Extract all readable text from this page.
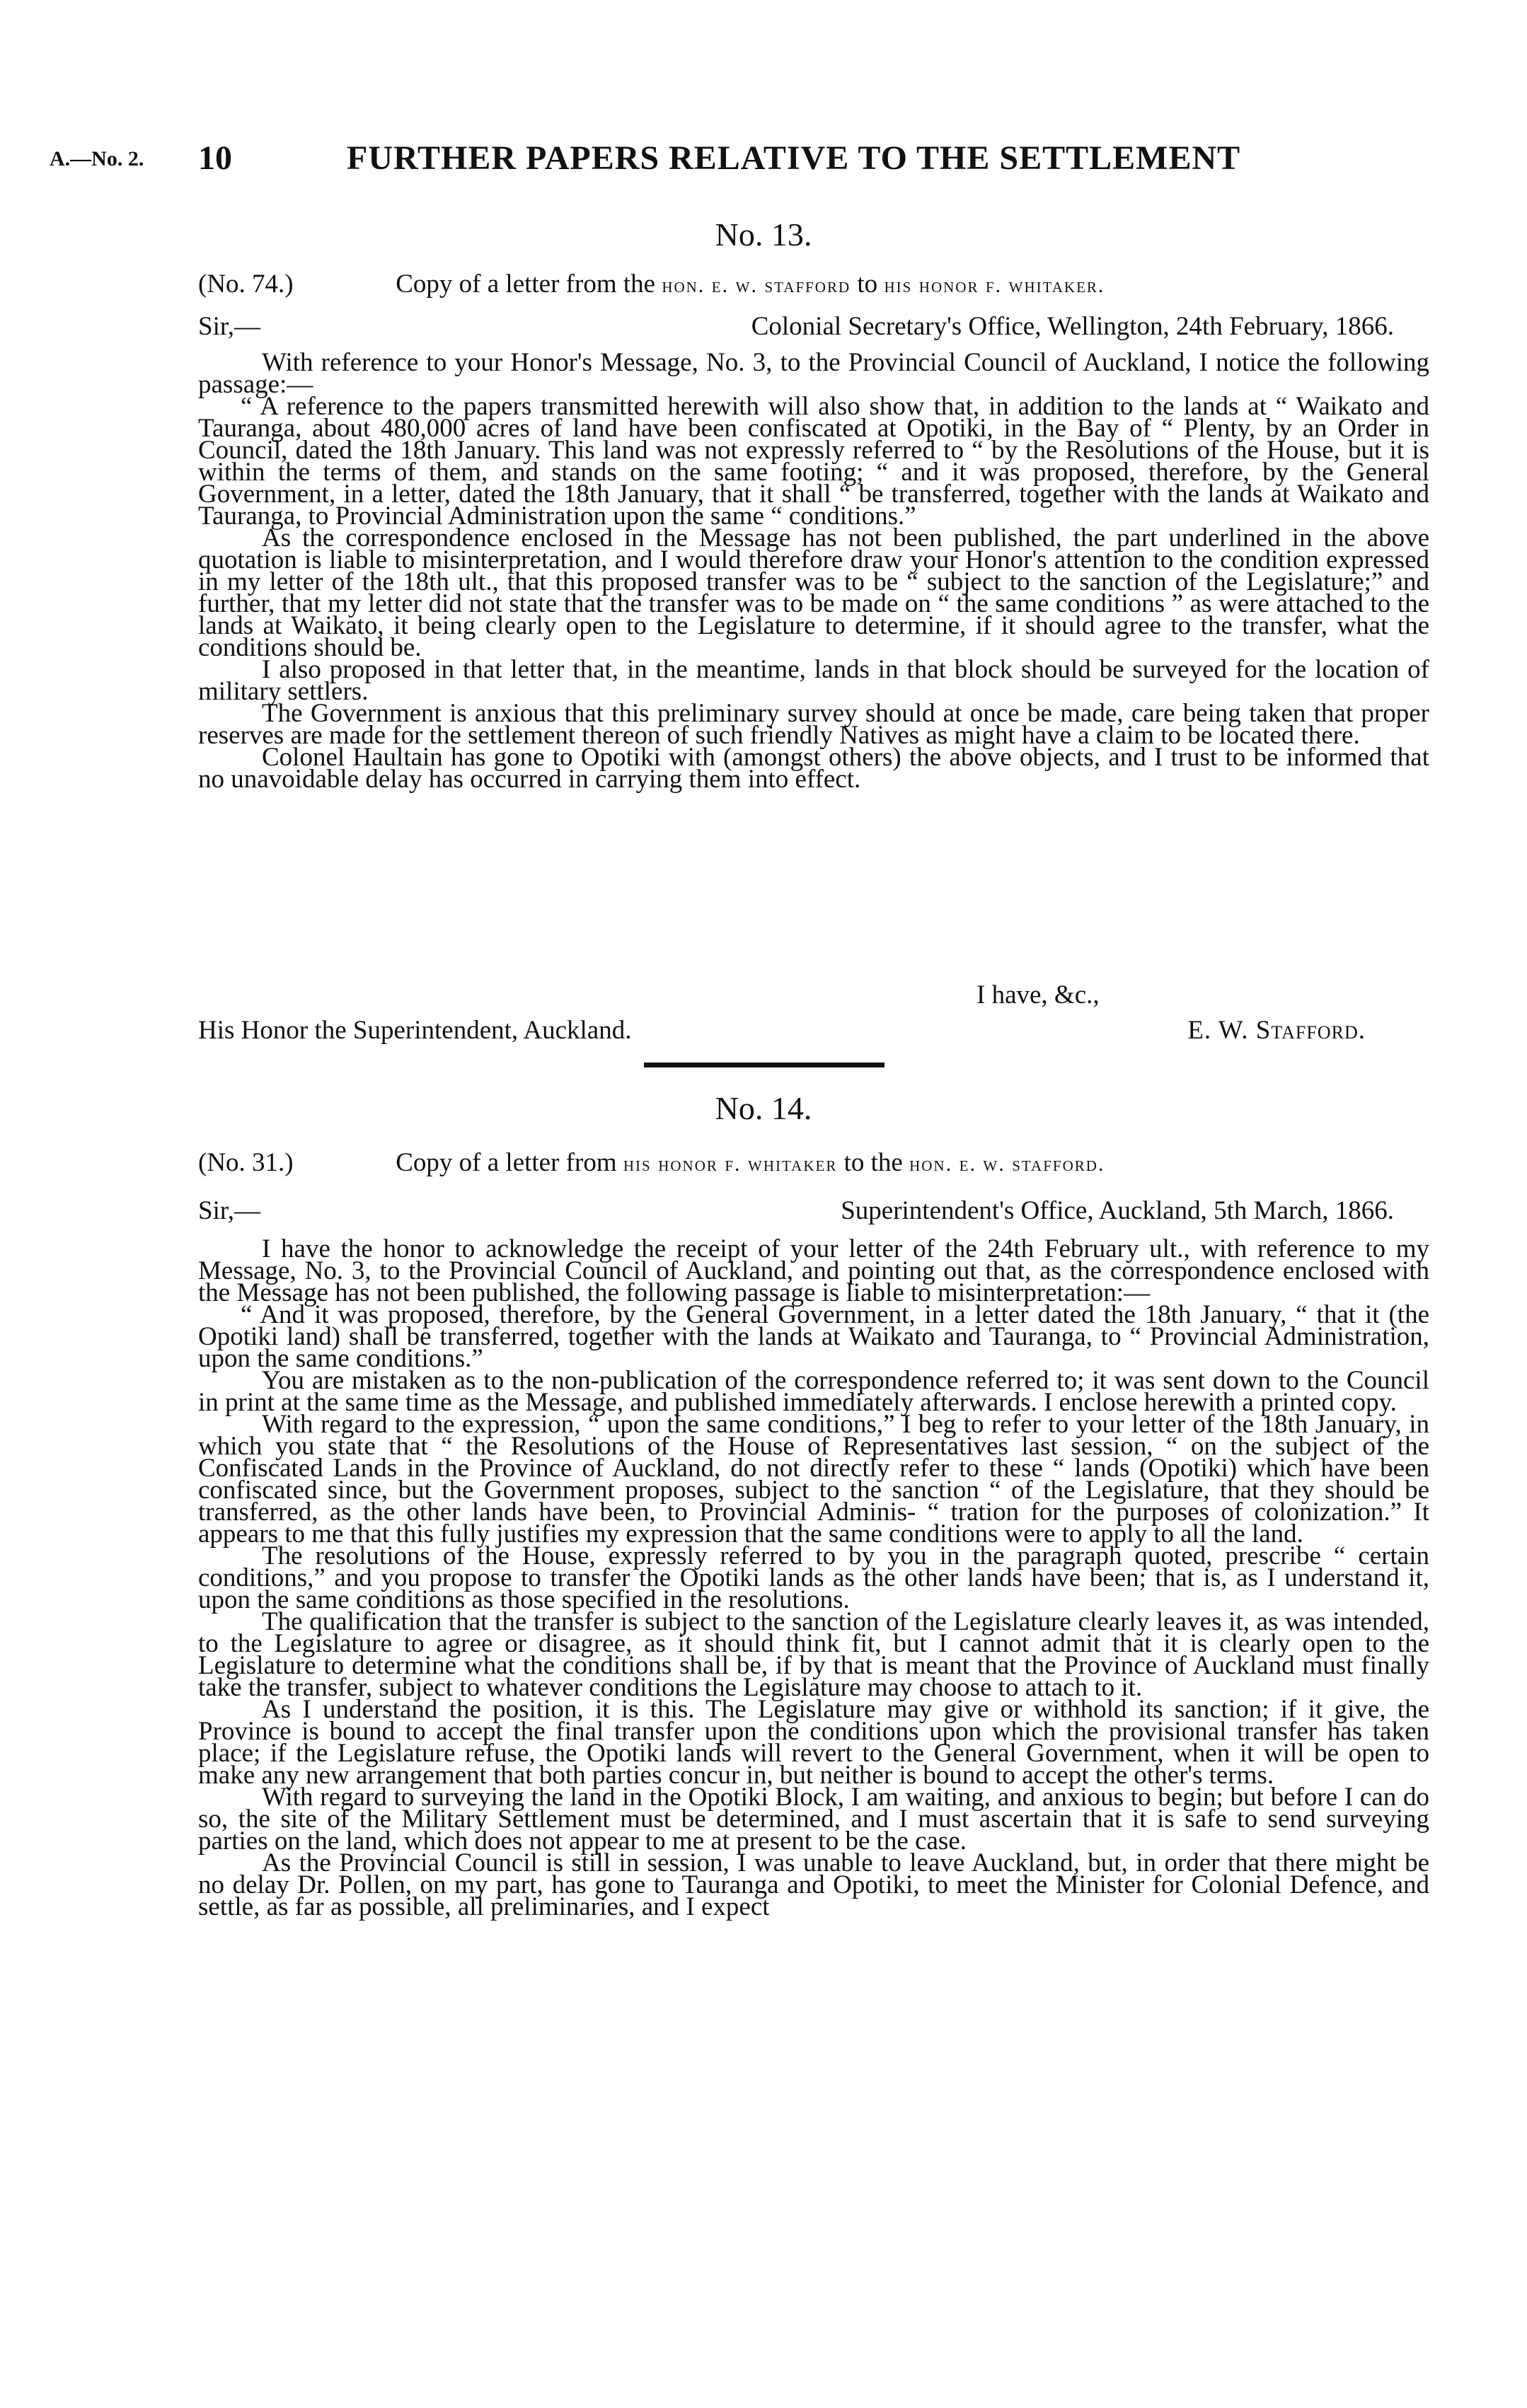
A.—No. 2. 10	FURTHER PAPERS RELATIVE TO THE SETTLEMENT
No. 13.
(No. 74.)	Copy of a letter from the hon. e. w. stafford to his honor f. whitaker.
Sir,—	Colonial Secretary's Office, Wellington, 24th February, 1866.

With reference to your Honor's Message, No. 3, to the Provincial Council of Auckland, I notice the following passage:—

“ A reference to the papers transmitted herewith will also show that, in addition to the lands at “ Waikato and Tauranga, about 480,000 acres of land have been confiscated at Opotiki, in the Bay of “ Plenty, by an Order in Council, dated the 18th January. This land was not expressly referred to “ by the Resolutions of the House, but it is within the terms of them, and stands on the same footing; “ and it was proposed, therefore, by the General Government, in a letter, dated the 18th January, that it shall “ be transferred, together with the lands at Waikato and Tauranga, to Provincial Administration upon the same “ conditions.”

As the correspondence enclosed in the Message has not been published, the part underlined in the above quotation is liable to misinterpretation, and I would therefore draw your Honor's attention to the condition expressed in my letter of the 18th ult., that this proposed transfer was to be “ subject to the sanction of the Legislature;” and further, that my letter did not state that the transfer was to be made on “ the same conditions ” as were attached to the lands at Waikato, it being clearly open to the Legislature to determine, if it should agree to the transfer, what the conditions should be.

I also proposed in that letter that, in the meantime, lands in that block should be surveyed for the location of military settlers.

The Government is anxious that this preliminary survey should at once be made, care being taken that proper reserves are made for the settlement thereon of such friendly Natives as might have a claim to be located there.

Colonel Haultain has gone to Opotiki with (amongst others) the above objects, and I trust to be informed that no unavoidable delay has occurred in carrying them into effect.

I have, &c.,
His Honor the Superintendent, Auckland.	E. W. Stafford.
No. 14.
(No. 31.)	Copy of a letter from his honor f. whitaker to the hon. e. w. stafford.
Sir,—	Superintendent's Office, Auckland, 5th March, 1866.

I have the honor to acknowledge the receipt of your letter of the 24th February ult., with reference to my Message, No. 3, to the Provincial Council of Auckland, and pointing out that, as the correspondence enclosed with the Message has not been published, the following passage is liable to misinterpretation:—

“ And it was proposed, therefore, by the General Government, in a letter dated the 18th January, “ that it (the Opotiki land) shall be transferred, together with the lands at Waikato and Tauranga, to “ Provincial Administration, upon the same conditions.”

You are mistaken as to the non-publication of the correspondence referred to; it was sent down to the Council in print at the same time as the Message, and published immediately afterwards. I enclose herewith a printed copy.

With regard to the expression, “ upon the same conditions,” I beg to refer to your letter of the 18th January, in which you state that “ the Resolutions of the House of Representatives last session, “ on the subject of the Confiscated Lands in the Province of Auckland, do not directly refer to these “ lands (Opotiki) which have been confiscated since, but the Government proposes, subject to the sanction “ of the Legislature, that they should be transferred, as the other lands have been, to Provincial Adminis- “ tration for the purposes of colonization.” It appears to me that this fully justifies my expression that the same conditions were to apply to all the land.

The resolutions of the House, expressly referred to by you in the paragraph quoted, prescribe “ certain conditions,” and you propose to transfer the Opotiki lands as the other lands have been; that is, as I understand it, upon the same conditions as those specified in the resolutions.

The qualification that the transfer is subject to the sanction of the Legislature clearly leaves it, as was intended, to the Legislature to agree or disagree, as it should think fit, but I cannot admit that it is clearly open to the Legislature to determine what the conditions shall be, if by that is meant that the Province of Auckland must finally take the transfer, subject to whatever conditions the Legislature may choose to attach to it.

As I understand the position, it is this. The Legislature may give or withhold its sanction; if it give, the Province is bound to accept the final transfer upon the conditions upon which the provisional transfer has taken place; if the Legislature refuse, the Opotiki lands will revert to the General Government, when it will be open to make any new arrangement that both parties concur in, but neither is bound to accept the other's terms.

With regard to surveying the land in the Opotiki Block, I am waiting, and anxious to begin; but before I can do so, the site of the Military Settlement must be determined, and I must ascertain that it is safe to send surveying parties on the land, which does not appear to me at present to be the case.

As the Provincial Council is still in session, I was unable to leave Auckland, but, in order that there might be no delay Dr. Pollen, on my part, has gone to Tauranga and Opotiki, to meet the Minister for Colonial Defence, and settle, as far as possible, all preliminaries, and I expect
